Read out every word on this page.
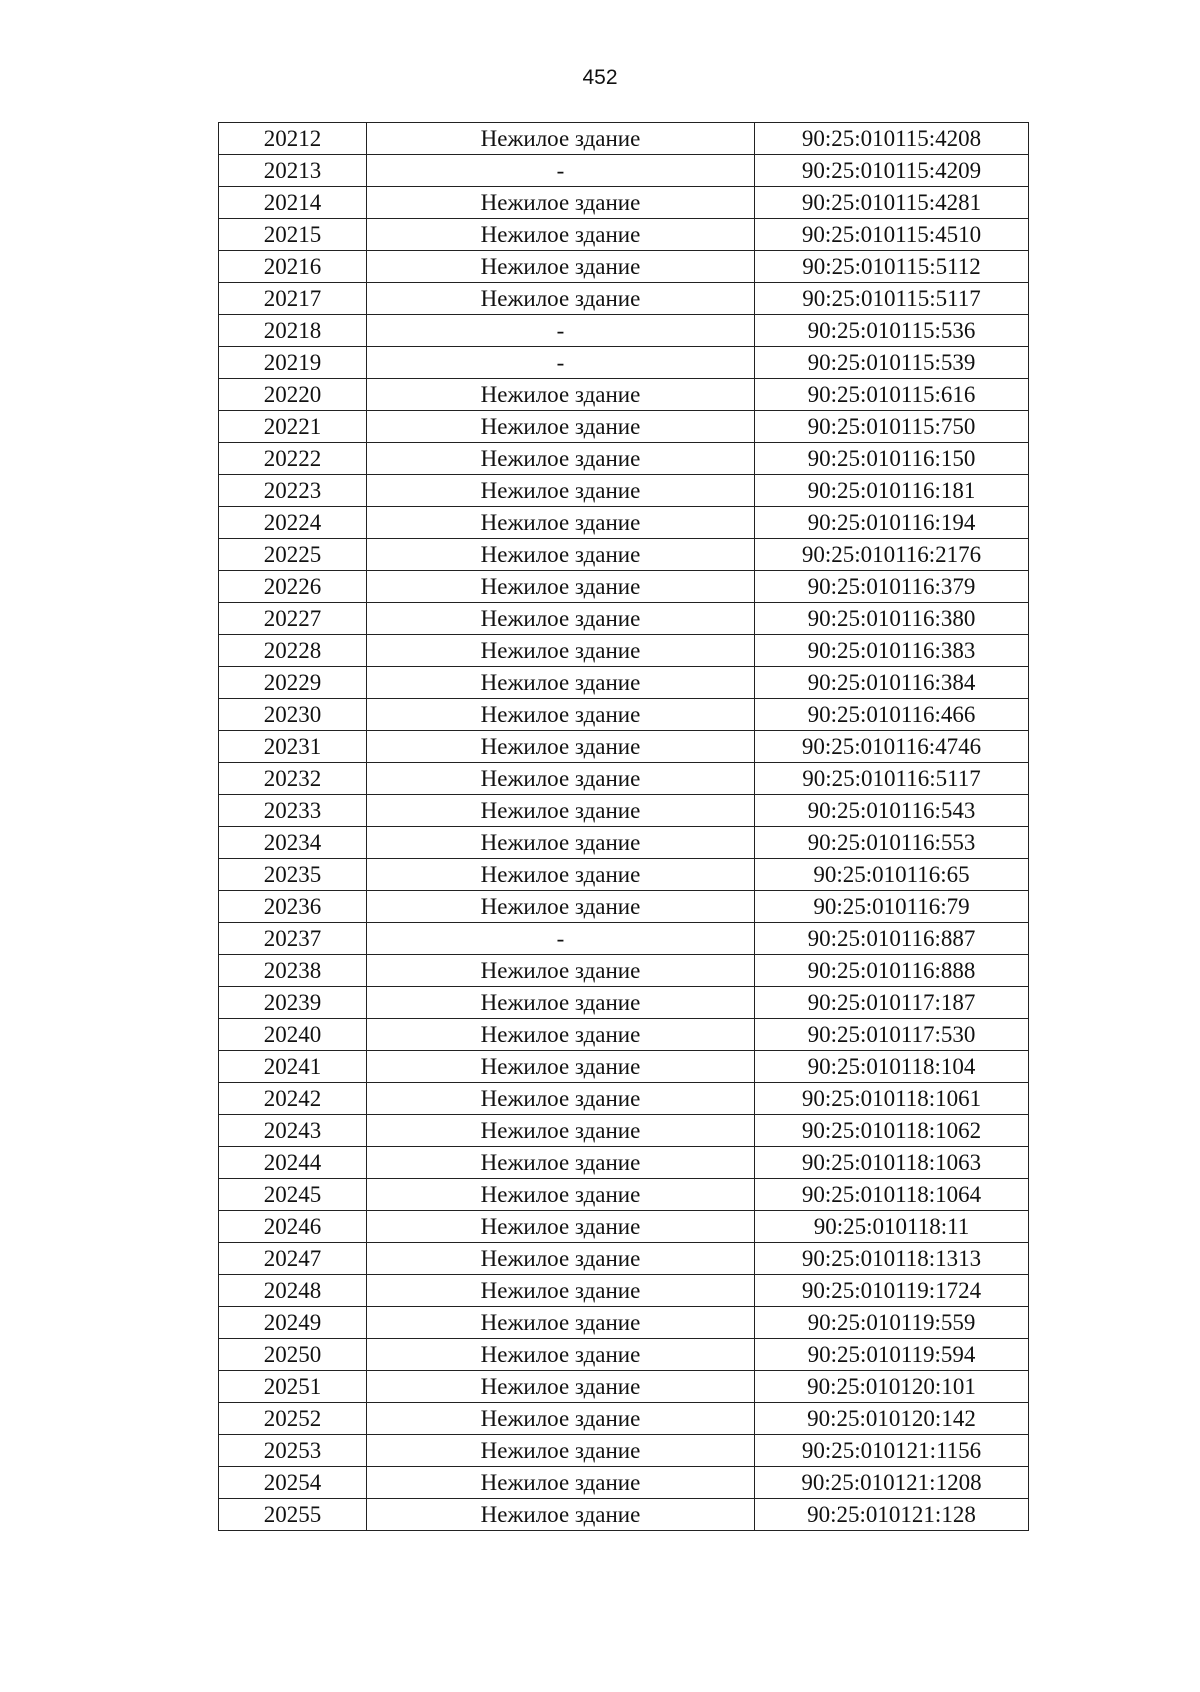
452
20212	Нежилое здание	90:25:010115:4208
20213	-	90:25:010115:4209
20214	Нежилое здание	90:25:010115:4281
20215	Нежилое здание	90:25:010115:4510
20216	Нежилое здание	90:25:010115:5112
20217	Нежилое здание	90:25:010115:5117
20218	-	90:25:010115:536
20219	-	90:25:010115:539
20220	Нежилое здание	90:25:010115:616
20221	Нежилое здание	90:25:010115:750
20222	Нежилое здание	90:25:010116:150
20223	Нежилое здание	90:25:010116:181
20224	Нежилое здание	90:25:010116:194
20225	Нежилое здание	90:25:010116:2176
20226	Нежилое здание	90:25:010116:379
20227	Нежилое здание	90:25:010116:380
20228	Нежилое здание	90:25:010116:383
20229	Нежилое здание	90:25:010116:384
20230	Нежилое здание	90:25:010116:466
20231	Нежилое здание	90:25:010116:4746
20232	Нежилое здание	90:25:010116:5117
20233	Нежилое здание	90:25:010116:543
20234	Нежилое здание	90:25:010116:553
20235	Нежилое здание	90:25:010116:65
20236	Нежилое здание	90:25:010116:79
20237	-	90:25:010116:887
20238	Нежилое здание	90:25:010116:888
20239	Нежилое здание	90:25:010117:187
20240	Нежилое здание	90:25:010117:530
20241	Нежилое здание	90:25:010118:104
20242	Нежилое здание	90:25:010118:1061
20243	Нежилое здание	90:25:010118:1062
20244	Нежилое здание	90:25:010118:1063
20245	Нежилое здание	90:25:010118:1064
20246	Нежилое здание	90:25:010118:11
20247	Нежилое здание	90:25:010118:1313
20248	Нежилое здание	90:25:010119:1724
20249	Нежилое здание	90:25:010119:559
20250	Нежилое здание	90:25:010119:594
20251	Нежилое здание	90:25:010120:101
20252	Нежилое здание	90:25:010120:142
20253	Нежилое здание	90:25:010121:1156
20254	Нежилое здание	90:25:010121:1208
20255	Нежилое здание	90:25:010121:128
